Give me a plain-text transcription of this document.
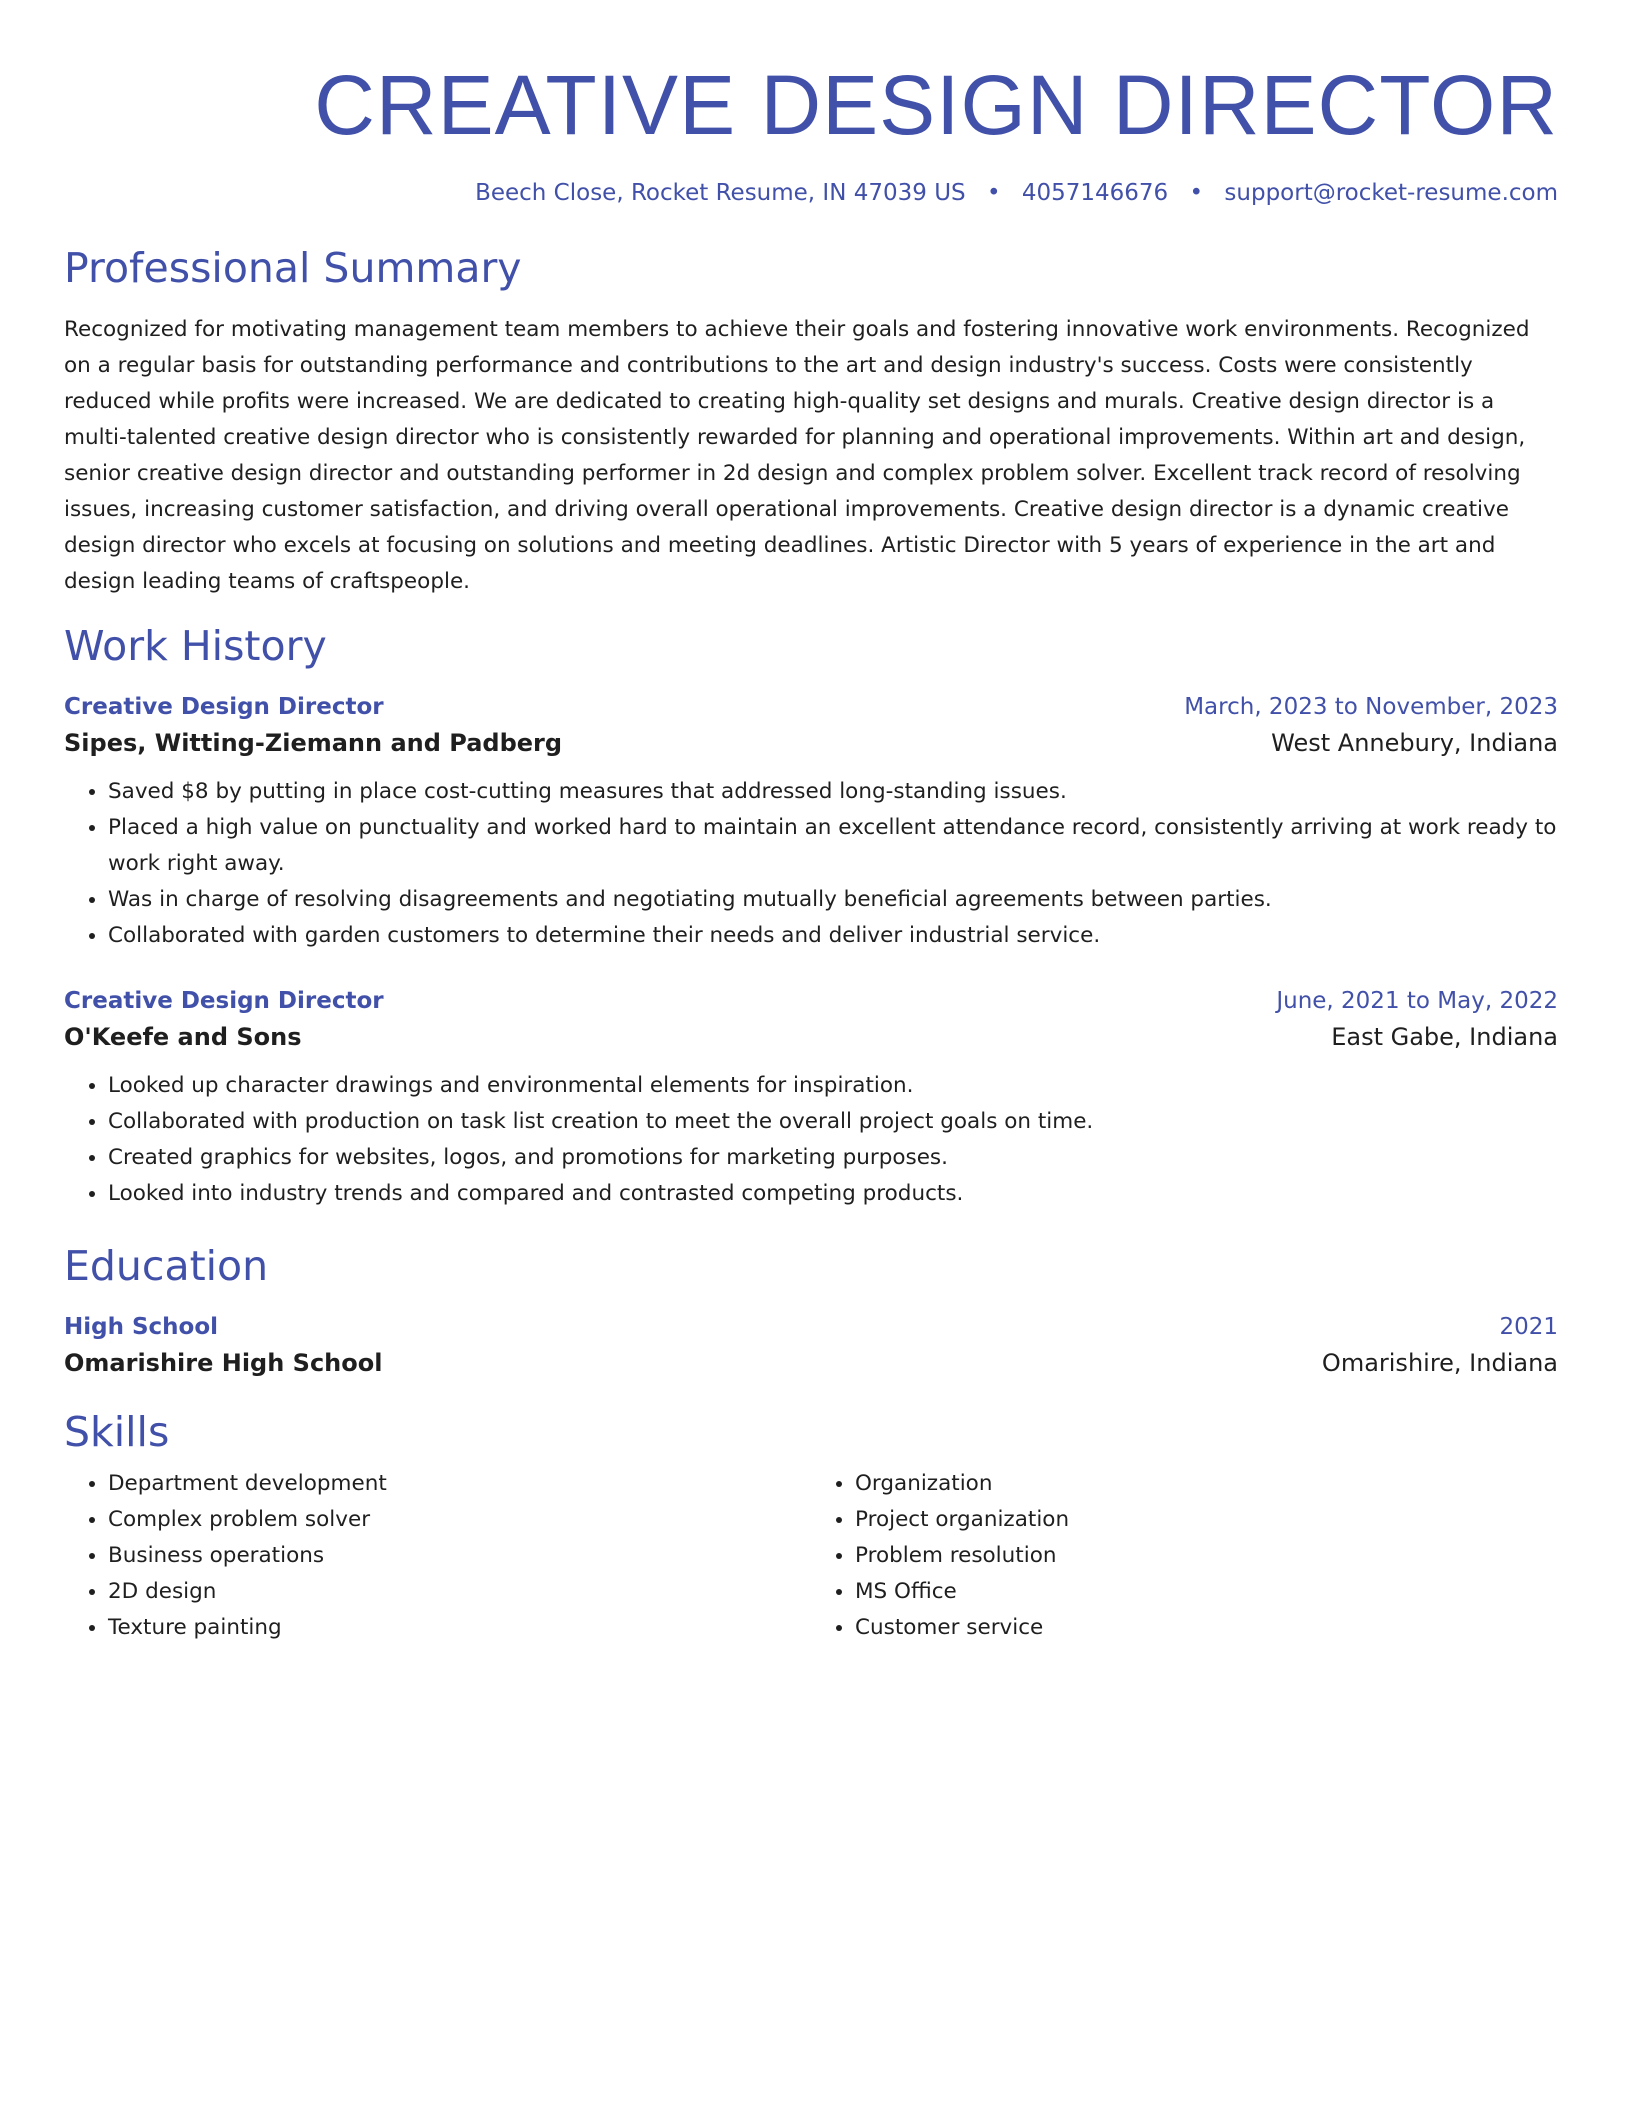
CREATIVE DESIGN DIRECTOR
Beech Close, Rocket Resume, IN 47039 US • 4057146676 • support@rocket-resume.com
Professional Summary

Recognized for motivating management team members to achieve their goals and fostering innovative work environments. Recognized on a regular basis for outstanding performance and contributions to the art and design industry's success. Costs were consistently reduced while profits were increased. We are dedicated to creating high-quality set designs and murals. Creative design director is a multi-talented creative design director who is consistently rewarded for planning and operational improvements. Within art and design, senior creative design director and outstanding performer in 2d design and complex problem solver. Excellent track record of resolving issues, increasing customer satisfaction, and driving overall operational improvements. Creative design director is a dynamic creative design director who excels at focusing on solutions and meeting deadlines. Artistic Director with 5 years of experience in the art and design leading teams of craftspeople.

Work History
Creative Design Director	March, 2023 to November, 2023
Sipes, Witting-Ziemann and Padberg	West Annebury, Indiana
• Saved $8 by putting in place cost-cutting measures that addressed long-standing issues.
• Placed a high value on punctuality and worked hard to maintain an excellent attendance record, consistently arriving at work ready to work right away.
• Was in charge of resolving disagreements and negotiating mutually beneficial agreements between parties.
• Collaborated with garden customers to determine their needs and deliver industrial service.
Creative Design Director	June, 2021 to May, 2022
O'Keefe and Sons	East Gabe, Indiana
• Looked up character drawings and environmental elements for inspiration.
• Collaborated with production on task list creation to meet the overall project goals on time.
• Created graphics for websites, logos, and promotions for marketing purposes.
• Looked into industry trends and compared and contrasted competing products.
Education
High School	2021
Omarishire High School	Omarishire, Indiana
Skills
• Department development
• Complex problem solver
• Business operations
• 2D design
• Texture painting
• Organization
• Project organization
• Problem resolution
• MS Office
• Customer service
